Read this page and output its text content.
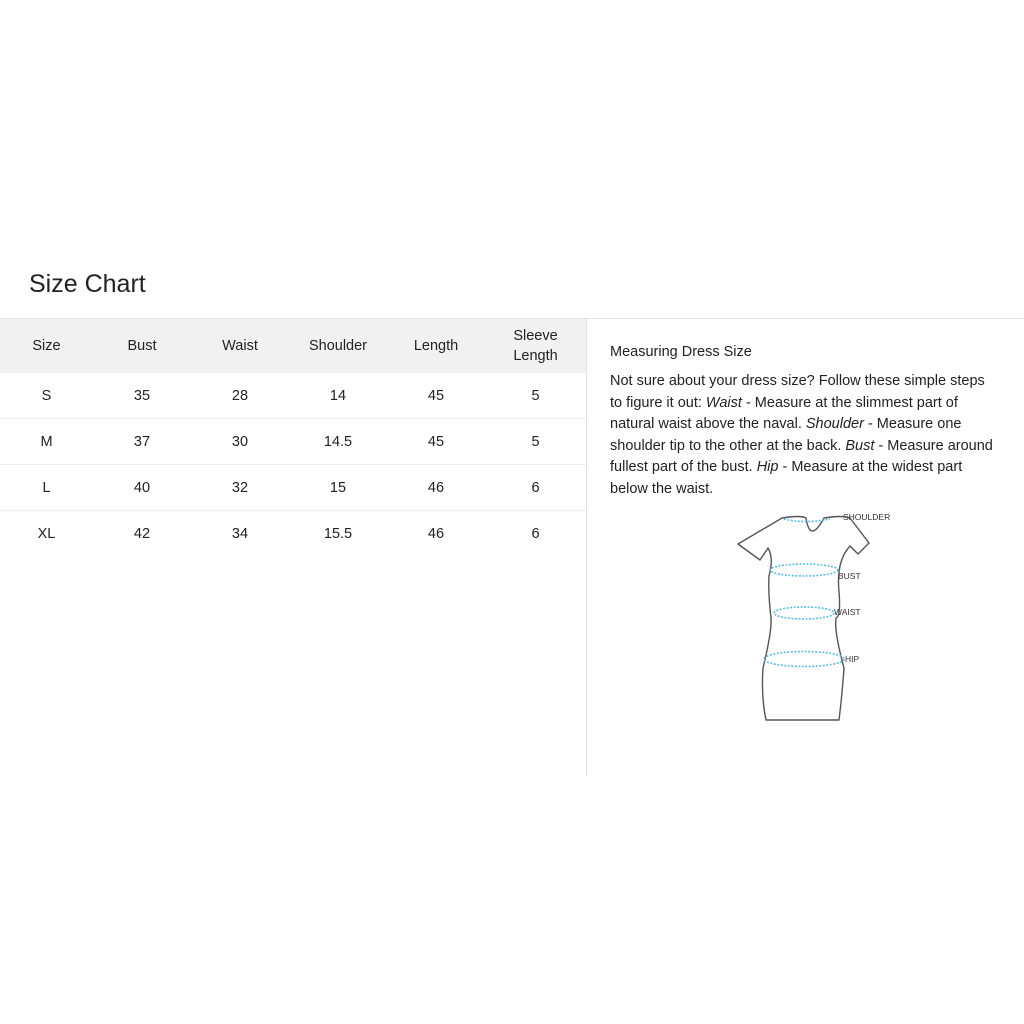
Size Chart
Size	Bust	Waist	Shoulder	Length	Sleeve Length
S	35	28	14	45	5
M	37	30	14.5	45	5
L	40	32	15	46	6
XL	42	34	15.5	46	6

Measuring Dress Size

Not sure about your dress size? Follow these simple steps to figure it out: Waist - Measure at the slimmest part of natural waist above the naval. Shoulder - Measure one shoulder tip to the other at the back. Bust - Measure around fullest part of the bust. Hip - Measure at the widest part below the waist.

SHOULDER
BUST
WAIST
HIP
